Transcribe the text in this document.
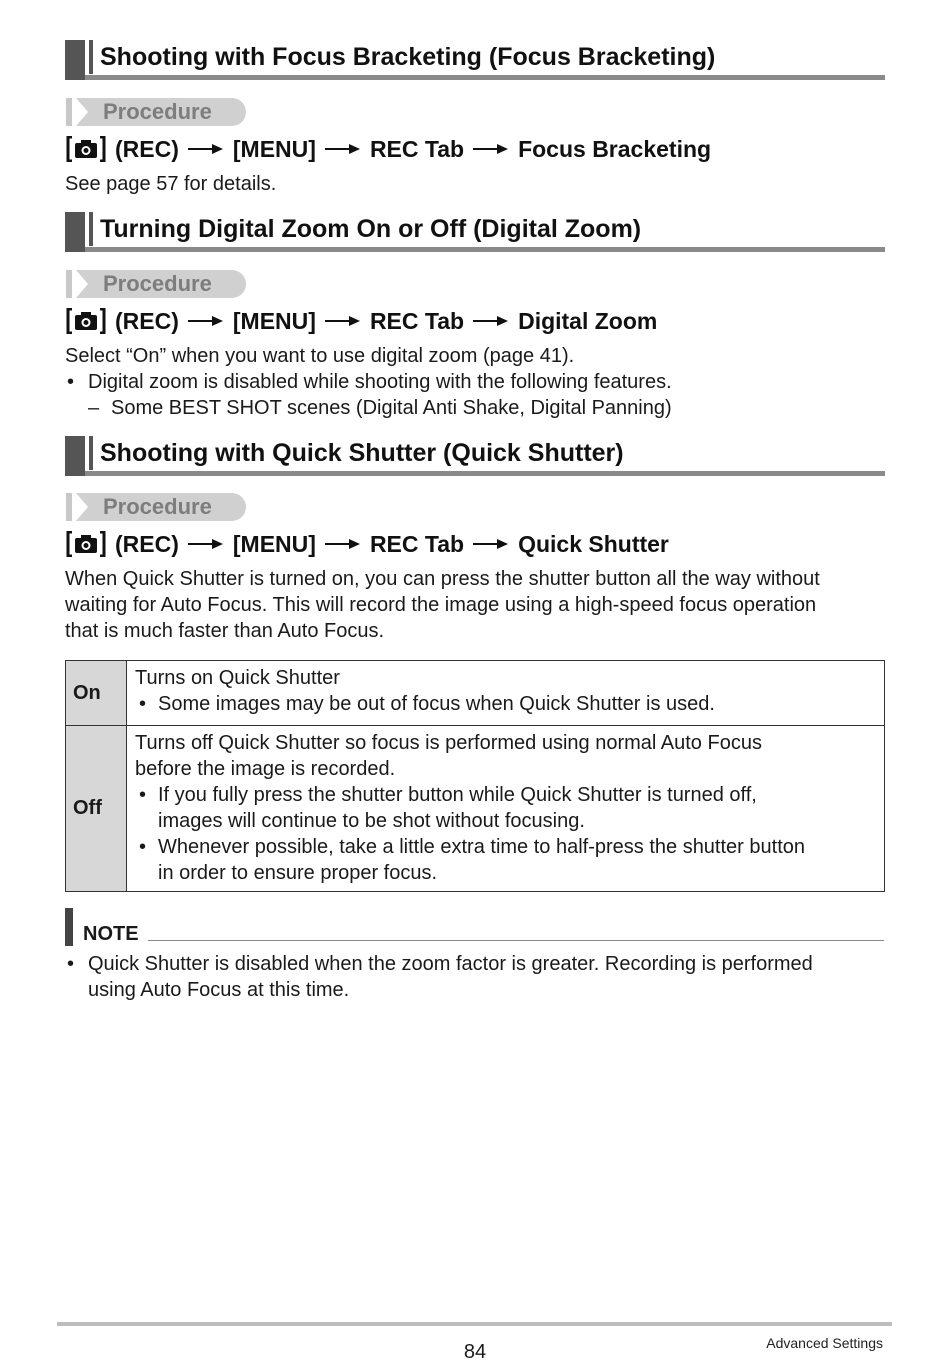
Shooting with Focus Bracketing (Focus Bracketing)
Procedure
(REC) [MENU] REC Tab Focus Bracketing
See page 57 for details.
Turning Digital Zoom On or Off (Digital Zoom)
Procedure
(REC) [MENU] REC Tab Digital Zoom
Select “On” when you want to use digital zoom (page 41).
• Digital zoom is disabled while shooting with the following features.
– Some BEST SHOT scenes (Digital Anti Shake, Digital Panning)
Shooting with Quick Shutter (Quick Shutter)
Procedure
(REC) [MENU] REC Tab Quick Shutter
When Quick Shutter is turned on, you can press the shutter button all the way without
waiting for Auto Focus. This will record the image using a high-speed focus operation
that is much faster than Auto Focus.
On
Turns on Quick Shutter
• Some images may be out of focus when Quick Shutter is used.
Off
Turns off Quick Shutter so focus is performed using normal Auto Focus
before the image is recorded.
• If you fully press the shutter button while Quick Shutter is turned off,
images will continue to be shot without focusing.
• Whenever possible, take a little extra time to half-press the shutter button
in order to ensure proper focus.
NOTE
• Quick Shutter is disabled when the zoom factor is greater. Recording is performed
using Auto Focus at this time.
Advanced Settings
84
